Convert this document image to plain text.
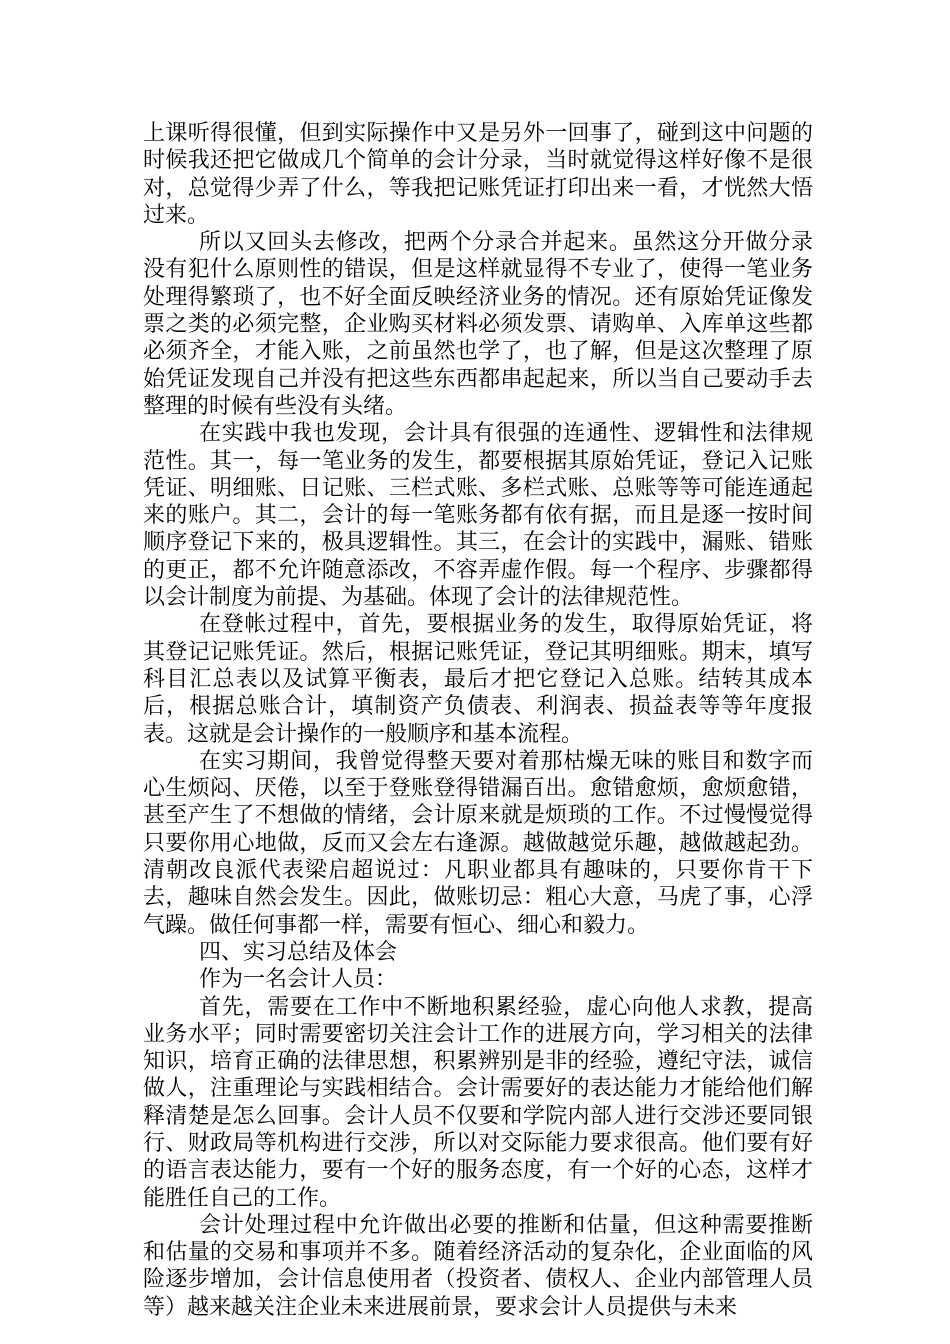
上课听得很懂，但到实际操作中又是另外一回事了，碰到这中问题的时候我还把它做成几个简单的会计分录，当时就觉得这样好像不是很对，总觉得少弄了什么，等我把记账凭证打印出来一看，才恍然大悟过来。

所以又回头去修改，把两个分录合并起来。虽然这分开做分录没有犯什么原则性的错误，但是这样就显得不专业了，使得一笔业务处理得繁琐了，也不好全面反映经济业务的情况。还有原始凭证像发票之类的必须完整，企业购买材料必须发票、请购单、入库单这些都必须齐全，才能入账，之前虽然也学了，也了解，但是这次整理了原始凭证发现自己并没有把这些东西都串起起来，所以当自己要动手去整理的时候有些没有头绪。

在实践中我也发现，会计具有很强的连通性、逻辑性和法律规范性。其一，每一笔业务的发生，都要根据其原始凭证，登记入记账凭证、明细账、日记账、三栏式账、多栏式账、总账等等可能连通起来的账户。其二，会计的每一笔账务都有依有据，而且是逐一按时间顺序登记下来的，极具逻辑性。其三，在会计的实践中，漏账、错账的更正，都不允许随意添改，不容弄虚作假。每一个程序、步骤都得以会计制度为前提、为基础。体现了会计的法律规范性。

在登帐过程中，首先，要根据业务的发生，取得原始凭证，将其登记记账凭证。然后，根据记账凭证，登记其明细账。期末，填写科目汇总表以及试算平衡表，最后才把它登记入总账。结转其成本后，根据总账合计，填制资产负债表、利润表、损益表等等年度报表。这就是会计操作的一般顺序和基本流程。

在实习期间，我曾觉得整天要对着那枯燥无味的账目和数字而心生烦闷、厌倦，以至于登账登得错漏百出。愈错愈烦，愈烦愈错，甚至产生了不想做的情绪，会计原来就是烦琐的工作。不过慢慢觉得只要你用心地做，反而又会左右逢源。越做越觉乐趣，越做越起劲。清朝改良派代表梁启超说过：凡职业都具有趣味的，只要你肯干下去，趣味自然会发生。因此，做账切忌：粗心大意，马虎了事，心浮气躁。做任何事都一样，需要有恒心、细心和毅力。

四、实习总结及体会

作为一名会计人员：

首先，需要在工作中不断地积累经验，虚心向他人求教，提高业务水平；同时需要密切关注会计工作的进展方向，学习相关的法律知识，培育正确的法律思想，积累辨别是非的经验，遵纪守法，诚信做人，注重理论与实践相结合。会计需要好的表达能力才能给他们解释清楚是怎么回事。会计人员不仅要和学院内部人进行交涉还要同银行、财政局等机构进行交涉，所以对交际能力要求很高。他们要有好的语言表达能力，要有一个好的服务态度，有一个好的心态，这样才能胜任自己的工作。

会计处理过程中允许做出必要的推断和估量，但这种需要推断和估量的交易和事项并不多。随着经济活动的复杂化，企业面临的风险逐步增加，会计信息使用者（投资者、债权人、企业内部管理人员等）越来越关注企业未来进展前景，要求会计人员提供与未来
